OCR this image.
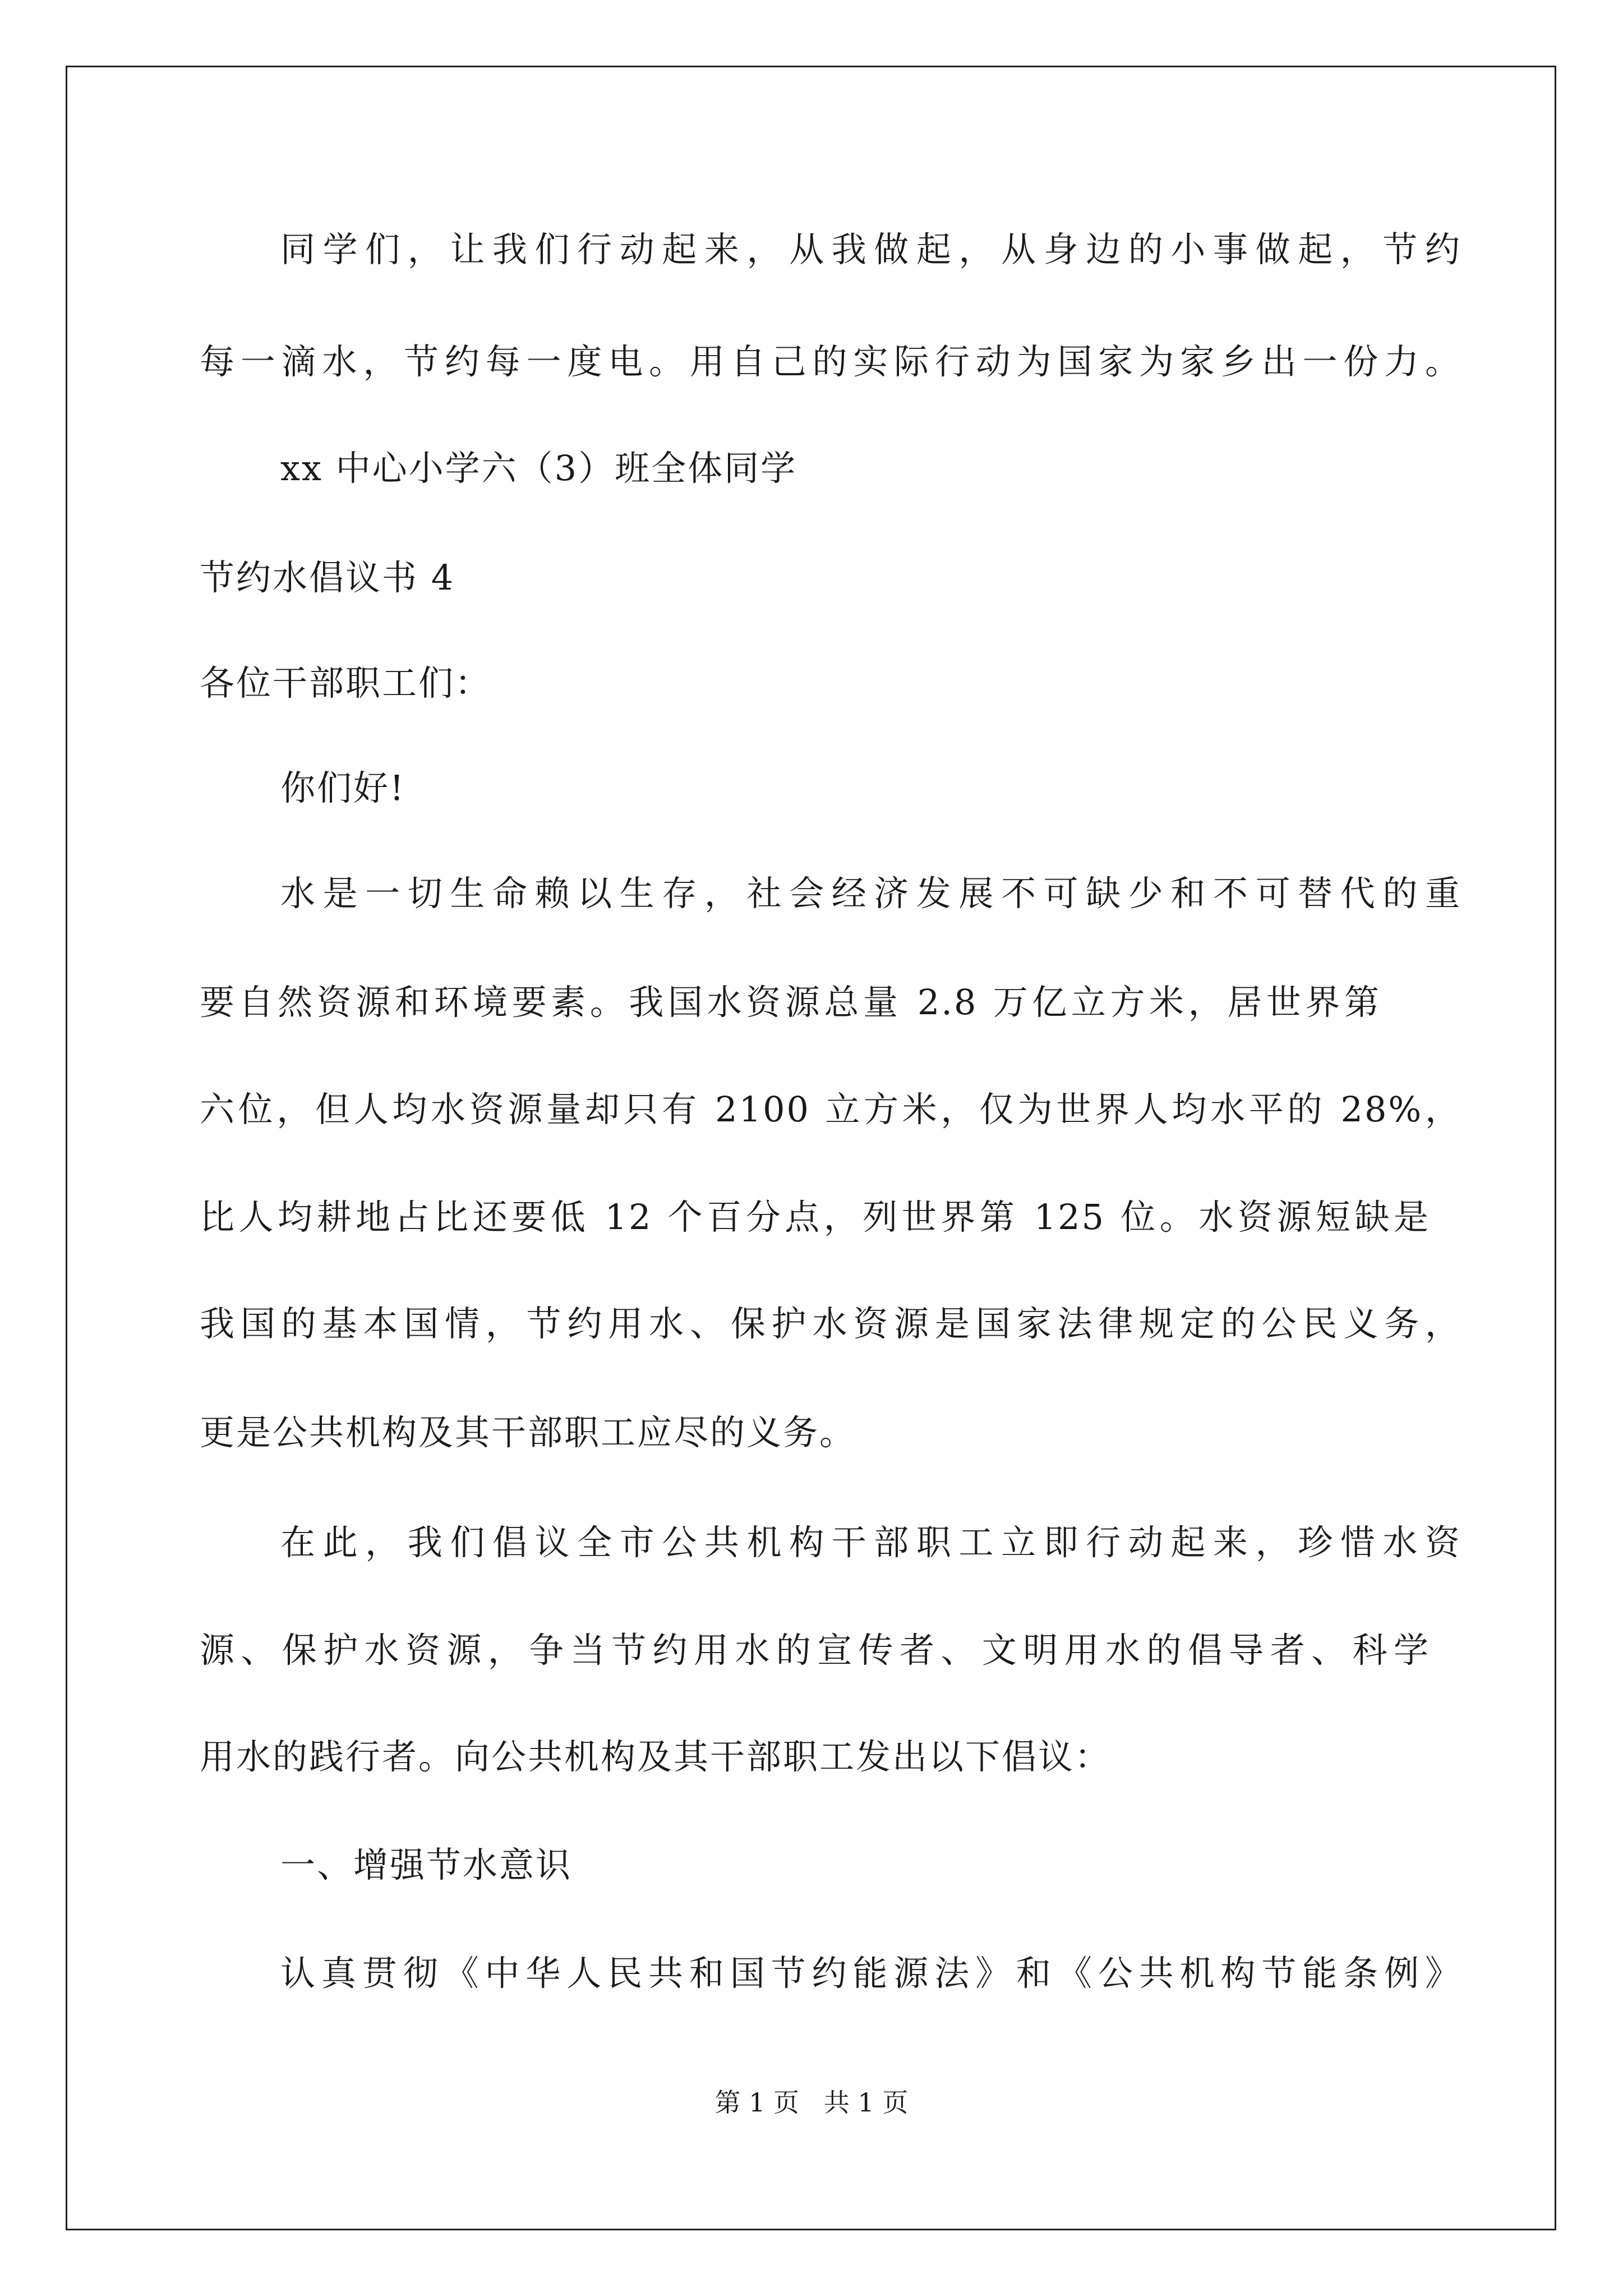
同学们，让我们行动起来，从我做起，从身边的小事做起，节约
每一滴水，节约每一度电。用自己的实际行动为国家为家乡出一份力。
xx 中心小学六（3）班全体同学
节约水倡议书 4
各位干部职工们：
你们好!
水是一切生命赖以生存，社会经济发展不可缺少和不可替代的重
要自然资源和环境要素。我国水资源总量 2.8 万亿立方米，居世界第
六位，但人均水资源量却只有 2100 立方米，仅为世界人均水平的 28%，
比人均耕地占比还要低 12 个百分点，列世界第 125 位。水资源短缺是
我国的基本国情，节约用水、保护水资源是国家法律规定的公民义务，
更是公共机构及其干部职工应尽的义务。
在此，我们倡议全市公共机构干部职工立即行动起来，珍惜水资
源、保护水资源，争当节约用水的宣传者、文明用水的倡导者、科学
用水的践行者。向公共机构及其干部职工发出以下倡议：
一、增强节水意识
认真贯彻《中华人民共和国节约能源法》和《公共机构节能条例》
第 1 页   共 1 页
